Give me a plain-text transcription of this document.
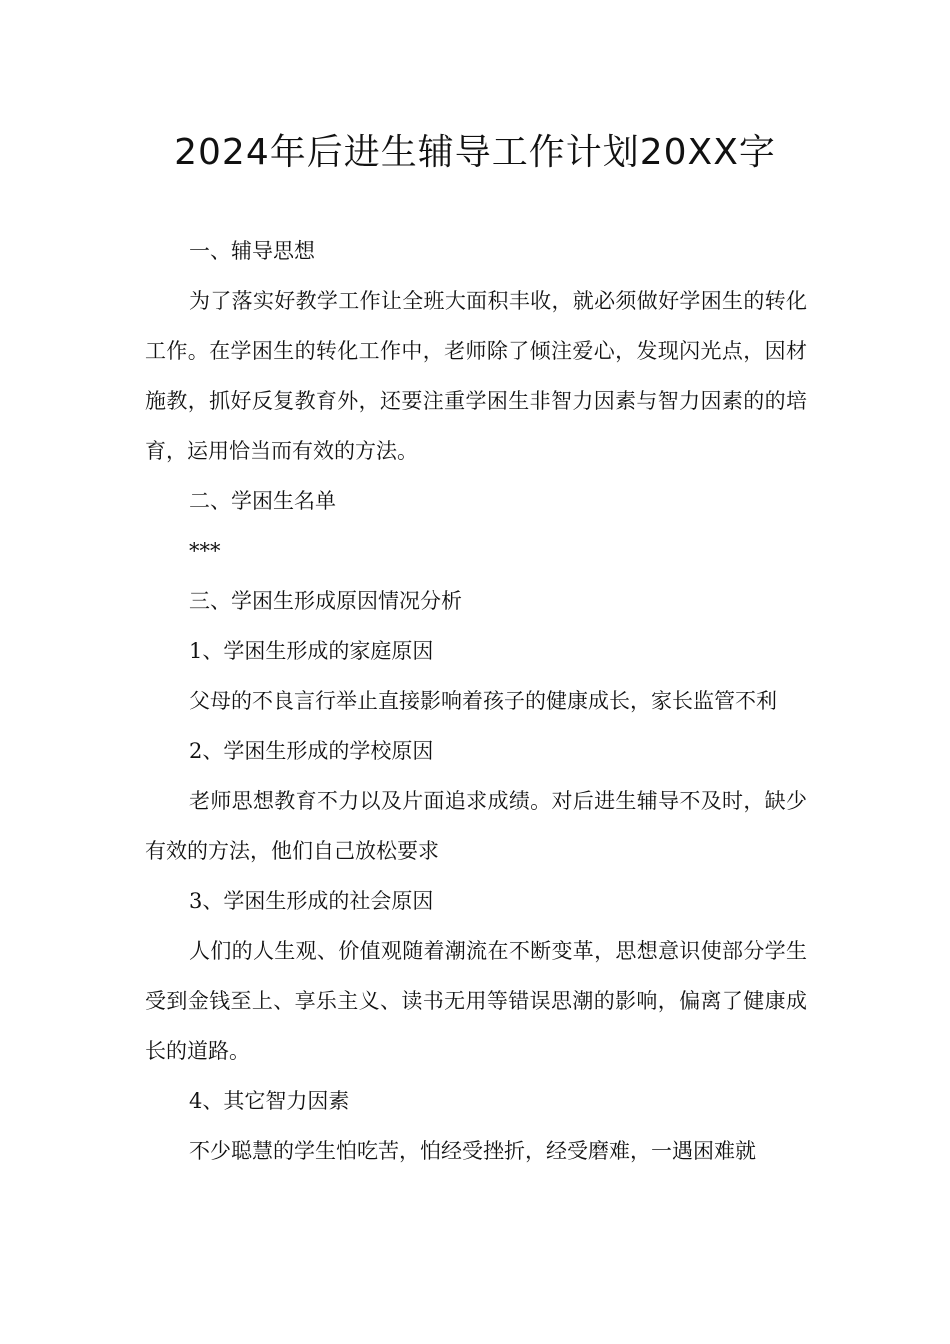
2024年后进生辅导工作计划20XX字

一、辅导思想

为了落实好教学工作让全班大面积丰收，就必须做好学困生的转化工作。在学困生的转化工作中，老师除了倾注爱心，发现闪光点，因材施教，抓好反复教育外，还要注重学困生非智力因素与智力因素的的培育，运用恰当而有效的方法。

二、学困生名单

***

三、学困生形成原因情况分析

1、学困生形成的家庭原因

父母的不良言行举止直接影响着孩子的健康成长，家长监管不利

2、学困生形成的学校原因

老师思想教育不力以及片面追求成绩。对后进生辅导不及时，缺少有效的方法，他们自己放松要求

3、学困生形成的社会原因

人们的人生观、价值观随着潮流在不断变革，思想意识使部分学生受到金钱至上、享乐主义、读书无用等错误思潮的影响，偏离了健康成长的道路。

4、其它智力因素

不少聪慧的学生怕吃苦，怕经受挫折，经受磨难，一遇困难就
